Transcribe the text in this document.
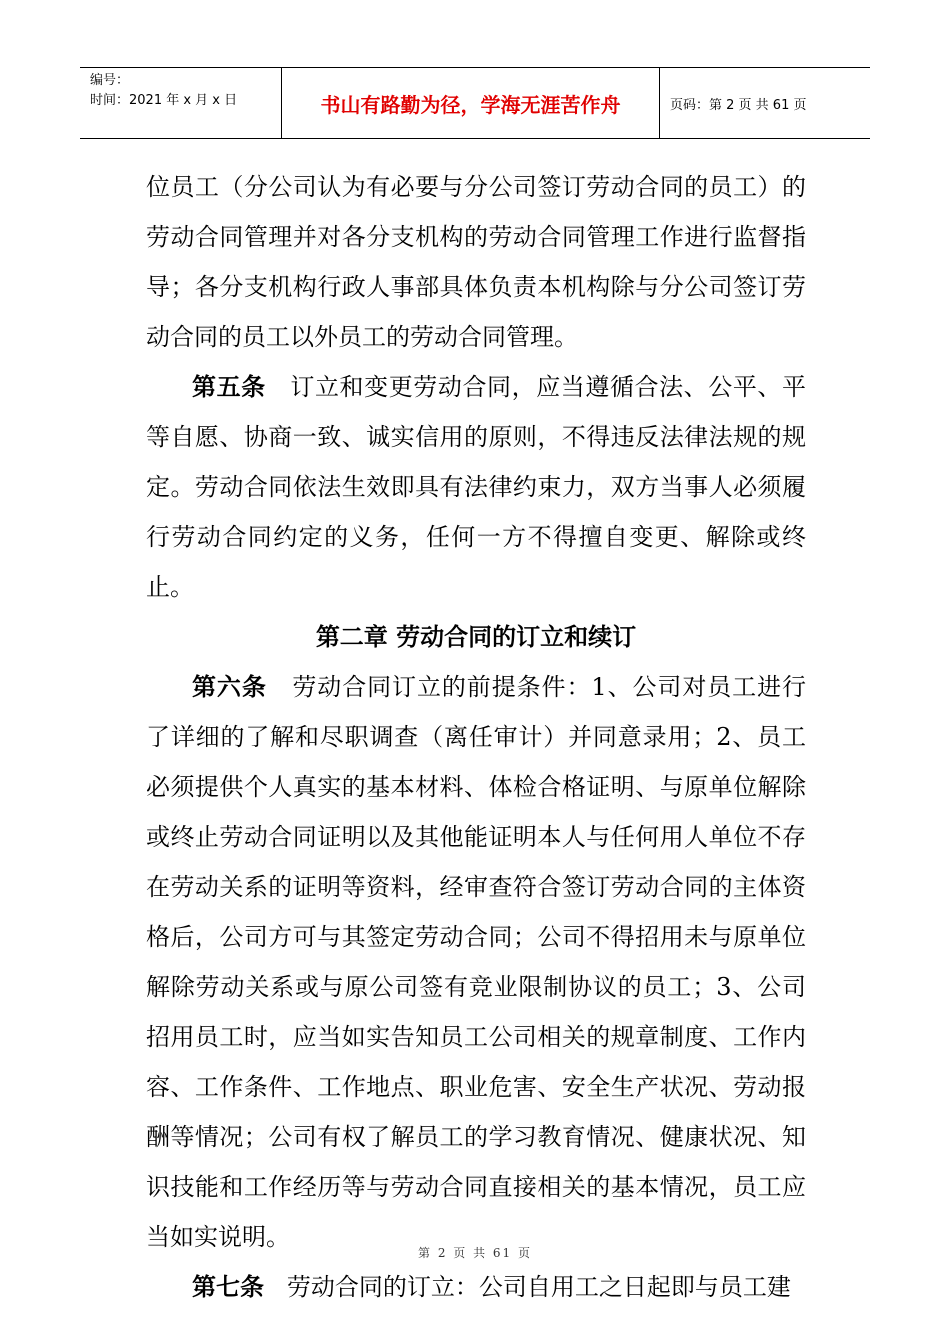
编号：
时间：2021 年 x 月 x 日	书山有路勤为径，学海无涯苦作舟	页码：第 2 页 共 61 页

位员工（分公司认为有必要与分公司签订劳动合同的员工）的劳动合同管理并对各分支机构的劳动合同管理工作进行监督指导；各分支机构行政人事部具体负责本机构除与分公司签订劳动合同的员工以外员工的劳动合同管理。

第五条 订立和变更劳动合同，应当遵循合法、公平、平等自愿、协商一致、诚实信用的原则，不得违反法律法规的规定。劳动合同依法生效即具有法律约束力，双方当事人必须履行劳动合同约定的义务，任何一方不得擅自变更、解除或终止。

第二章 劳动合同的订立和续订

第六条 劳动合同订立的前提条件：1、公司对员工进行了详细的了解和尽职调查（离任审计）并同意录用；2、员工必须提供个人真实的基本材料、体检合格证明、与原单位解除或终止劳动合同证明以及其他能证明本人与任何用人单位不存在劳动关系的证明等资料，经审查符合签订劳动合同的主体资格后，公司方可与其签定劳动合同；公司不得招用未与原单位解除劳动关系或与原公司签有竞业限制协议的员工；3、公司招用员工时，应当如实告知员工公司相关的规章制度、工作内容、工作条件、工作地点、职业危害、安全生产状况、劳动报酬等情况；公司有权了解员工的学习教育情况、健康状况、知识技能和工作经历等与劳动合同直接相关的基本情况，员工应当如实说明。

第七条 劳动合同的订立：公司自用工之日起即与员工建

第 2 页 共 61 页
